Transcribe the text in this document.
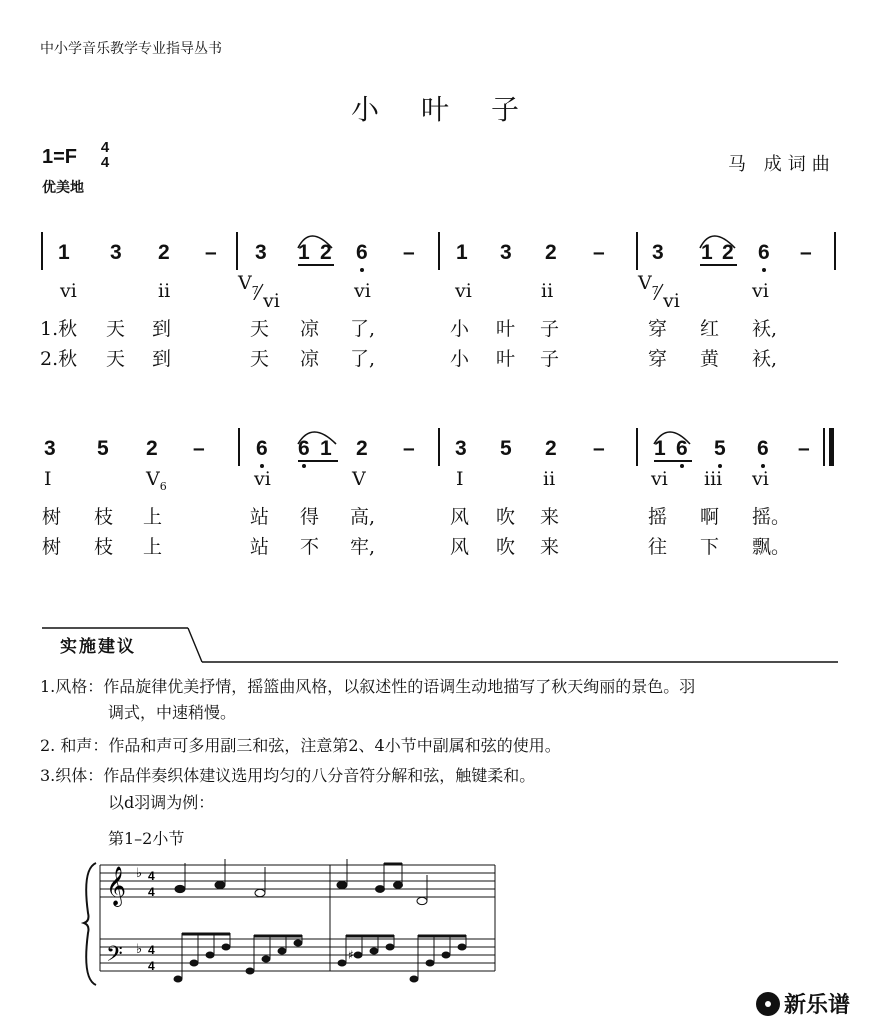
中小学音乐教学专业指导丛书
小叶子
1=F 4
4
优美地
马 成词曲
1 3 2 – 3 1 2 6 – 1 3 2 – 3 1 2 6 –
vi	ii	$V_7$ vi	vi	vi	ii	$V_7$ vi	vi
1.秋 天 到	天 凉 了,	小 叶 子	穿 红 袄,
2.秋 天 到	天 凉 了,	小 叶 子	穿 黄 袄,
3 5 2 – 6 6 1 2 – 3 5 2 – 1 6 5 6 –
I	$V_6$	vi	V	I	ii	vi iii vi
树 枝 上	站 得 高,	风 吹 来	摇 啊 摇。
树 枝 上	站 不 牢,	风 吹 来	往 下 飘。
实施建议
1.风格：作品旋律优美抒情，摇篮曲风格，以叙述性的语调生动地描写了秋天绚丽的景色。羽
调式，中速稍慢。
2. 和声：作品和声可多用副三和弦，注意第2、4小节中副属和弦的使用。
3.织体：作品伴奏织体建议选用均匀的八分音符分解和弦，触键柔和。
以d羽调为例：
第1–2小节
𝄞
𝄢
♭
♭
4
4
4
4
♯
新乐谱
